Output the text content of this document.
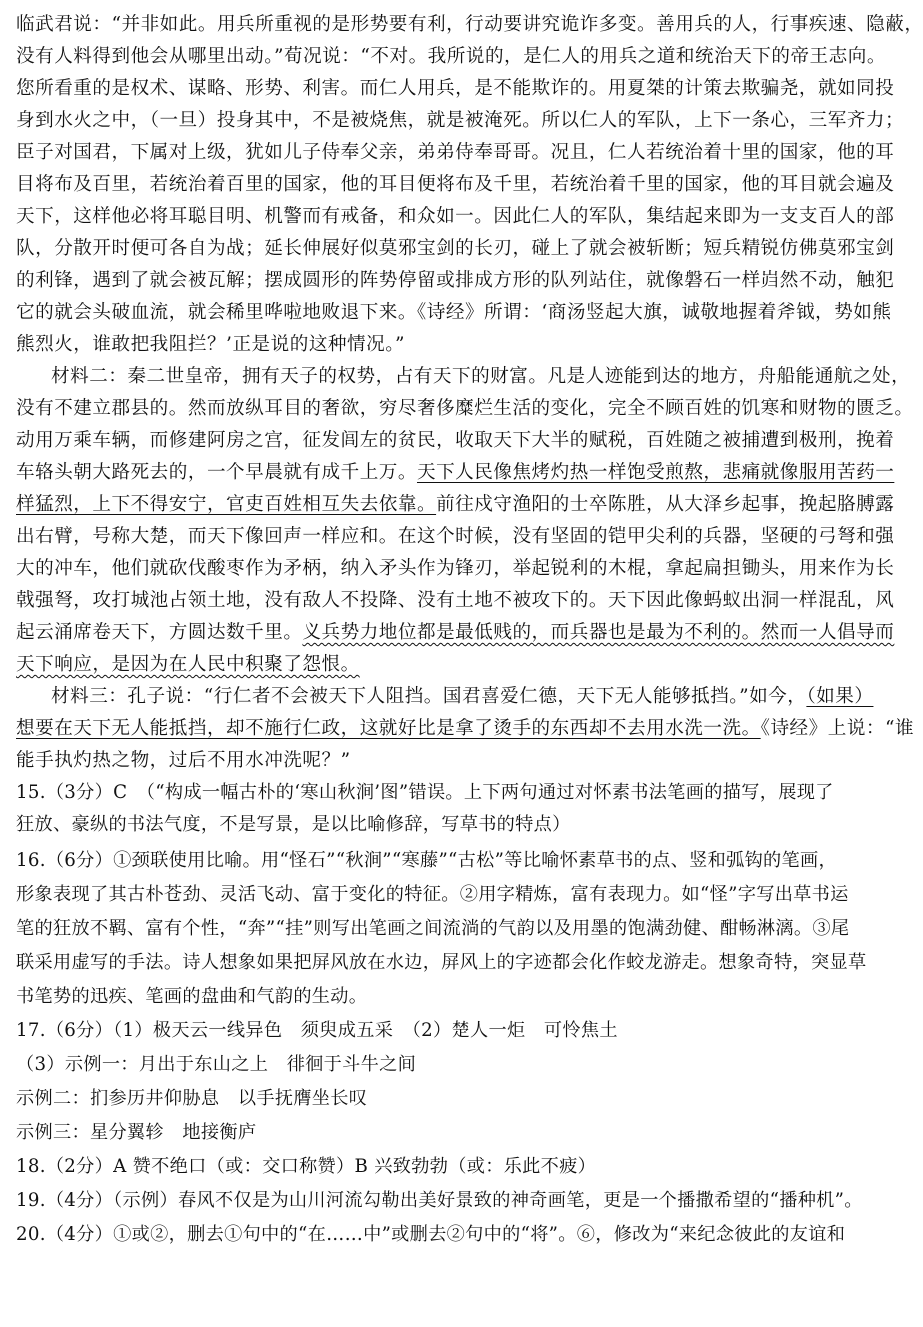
临武君说：“并非如此。用兵所重视的是形势要有利，行动要讲究诡诈多变。善用兵的人，行事疾速、隐蔽，
没有人料得到他会从哪里出动。”荀况说：“不对。我所说的，是仁人的用兵之道和统治天下的帝王志向。
您所看重的是权术、谋略、形势、利害。而仁人用兵，是不能欺诈的。用夏桀的计策去欺骗尧，就如同投
身到水火之中，（一旦）投身其中，不是被烧焦，就是被淹死。所以仁人的军队，上下一条心，三军齐力；
臣子对国君，下属对上级，犹如儿子侍奉父亲，弟弟侍奉哥哥。况且，仁人若统治着十里的国家，他的耳
目将布及百里，若统治着百里的国家，他的耳目便将布及千里，若统治着千里的国家，他的耳目就会遍及
天下，这样他必将耳聪目明、机警而有戒备，和众如一。因此仁人的军队，集结起来即为一支支百人的部
队，分散开时便可各自为战；延长伸展好似莫邪宝剑的长刃，碰上了就会被斩断；短兵精锐仿佛莫邪宝剑
的利锋，遇到了就会被瓦解；摆成圆形的阵势停留或排成方形的队列站住，就像磐石一样岿然不动，触犯
它的就会头破血流，就会稀里哗啦地败退下来。《诗经》所谓：‘商汤竖起大旗，诚敬地握着斧钺，势如熊
熊烈火，谁敢把我阻拦？’正是说的这种情况。”
材料二：秦二世皇帝，拥有天子的权势，占有天下的财富。凡是人迹能到达的地方，舟船能通航之处，
没有不建立郡县的。然而放纵耳目的奢欲，穷尽奢侈糜烂生活的变化，完全不顾百姓的饥寒和财物的匮乏。
动用万乘车辆，而修建阿房之宫，征发闾左的贫民，收取天下大半的赋税，百姓随之被捕遭到极刑，挽着
车辂头朝大路死去的，一个早晨就有成千上万。天下人民像焦烤灼热一样饱受煎熬，悲痛就像服用苦药一
样猛烈，上下不得安宁，官吏百姓相互失去依靠。前往戍守渔阳的士卒陈胜，从大泽乡起事，挽起胳膊露
出右臂，号称大楚，而天下像回声一样应和。在这个时候，没有坚固的铠甲尖利的兵器，坚硬的弓弩和强
大的冲车，他们就砍伐酸枣作为矛柄，纳入矛头作为锋刃，举起锐利的木棍，拿起扁担锄头，用来作为长
戟强弩，攻打城池占领土地，没有敌人不投降、没有土地不被攻下的。天下因此像蚂蚁出洞一样混乱，风
起云涌席卷天下，方圆达数千里。义兵势力地位都是最低贱的，而兵器也是最为不利的。然而一人倡导而
天下响应，是因为在人民中积聚了怨恨。
材料三：孔子说：“行仁者不会被天下人阻挡。国君喜爱仁德，天下无人能够抵挡。”如今，（如果）
想要在天下无人能抵挡，却不施行仁政，这就好比是拿了烫手的东西却不去用水洗一洗。《诗经》上说：“谁
能手执灼热之物，过后不用水冲洗呢？”
15.（3分）C　（“构成一幅古朴的‘寒山秋涧’图”错误。上下两句通过对怀素书法笔画的描写，展现了
狂放、豪纵的书法气度，不是写景，是以比喻修辞，写草书的特点）
16.（6分）①颈联使用比喻。用“怪石”“秋涧”“寒藤”“古松”等比喻怀素草书的点、竖和弧钩的笔画，
形象表现了其古朴苍劲、灵活飞动、富于变化的特征。②用字精炼，富有表现力。如“怪”字写出草书运
笔的狂放不羁、富有个性，“奔”“挂”则写出笔画之间流淌的气韵以及用墨的饱满劲健、酣畅淋漓。③尾
联采用虚写的手法。诗人想象如果把屏风放在水边，屏风上的字迹都会化作蛟龙游走。想象奇特，突显草
书笔势的迅疾、笔画的盘曲和气韵的生动。
17.（6分）（1）极天云一线异色　须臾成五采　（2）楚人一炬　可怜焦土
（3）示例一：月出于东山之上　徘徊于斗牛之间
示例二：扪参历井仰胁息　以手抚膺坐长叹
示例三：星分翼轸　地接衡庐
18.（2分）A 赞不绝口（或：交口称赞）B 兴致勃勃（或：乐此不疲）
19.（4分）（示例）春风不仅是为山川河流勾勒出美好景致的神奇画笔，更是一个播撒希望的“播种机”。
20.（4分）①或②，删去①句中的“在……中”或删去②句中的“将”。⑥，修改为“来纪念彼此的友谊和
